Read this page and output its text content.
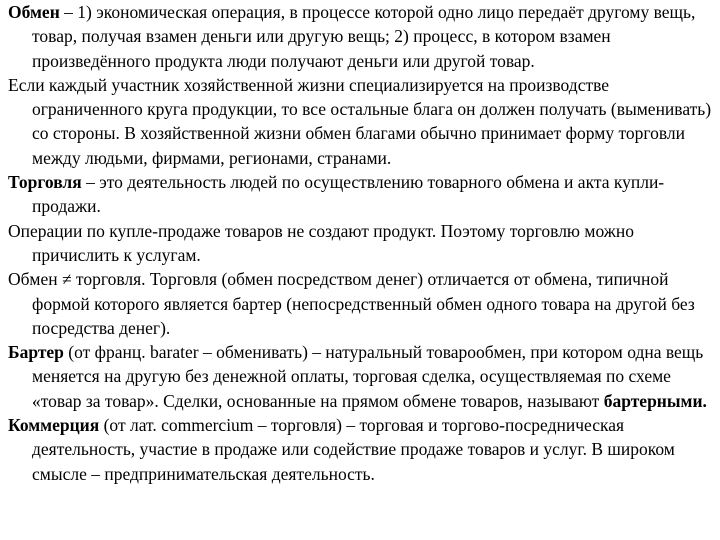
Обмен – 1) экономическая операция, в процессе которой одно лицо передаёт другому вещь, товар, получая взамен деньги или другую вещь; 2) процесс, в котором взамен произведённого продукта люди получают деньги или другой товар.

Если каждый участник хозяйственной жизни специализируется на производстве ограниченного круга продукции, то все остальные блага он должен получать (выменивать) со стороны. В хозяйственной жизни обмен благами обычно принимает форму торговли между людьми, фирмами, регионами, странами.

Торговля – это деятельность людей по осуществлению товарного обмена и акта купли-продажи.

Операции по купле-продаже товаров не создают продукт. Поэтому торговлю можно причислить к услугам.

Обмен ≠ торговля. Торговля (обмен посредством денег) отличается от обмена, типичной формой которого является бартер (непосредственный обмен одного товара на другой без посредства денег).

Бартер (от франц. barater – обменивать) – натуральный товарообмен, при котором одна вещь меняется на другую без денежной оплаты, торговая сделка, осуществляемая по схеме «товар за товар». Сделки, основанные на прямом обмене товаров, называют бартерными.

Коммерция (от лат. commercium – торговля) – торговая и торгово-посредническая деятельность, участие в продаже или содействие продаже товаров и услуг. В широком смысле – предпринимательская деятельность.
